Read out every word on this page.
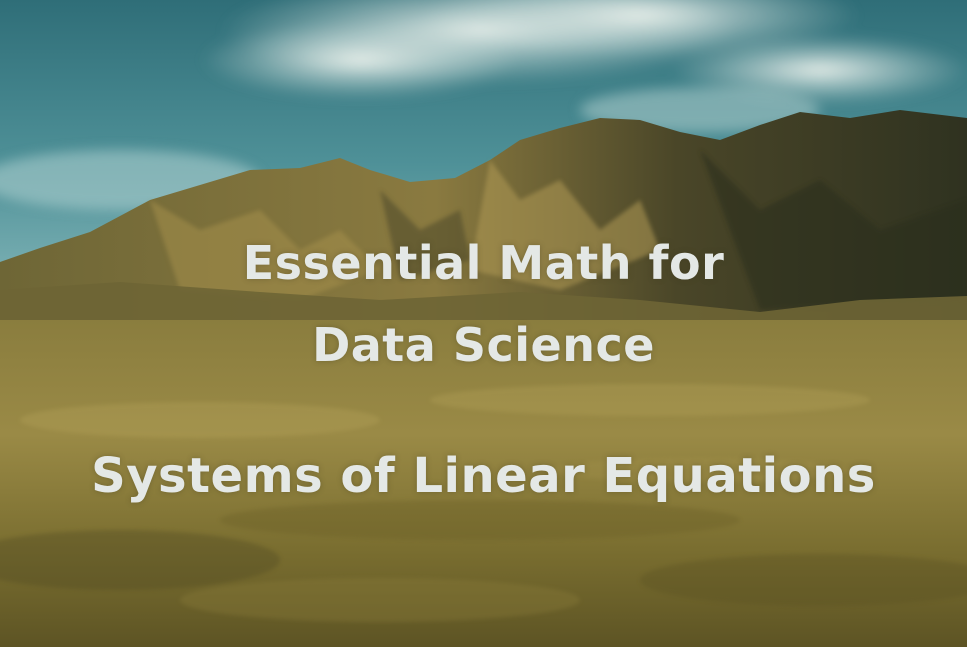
Essential Math for
Data Science
Systems of Linear Equations
